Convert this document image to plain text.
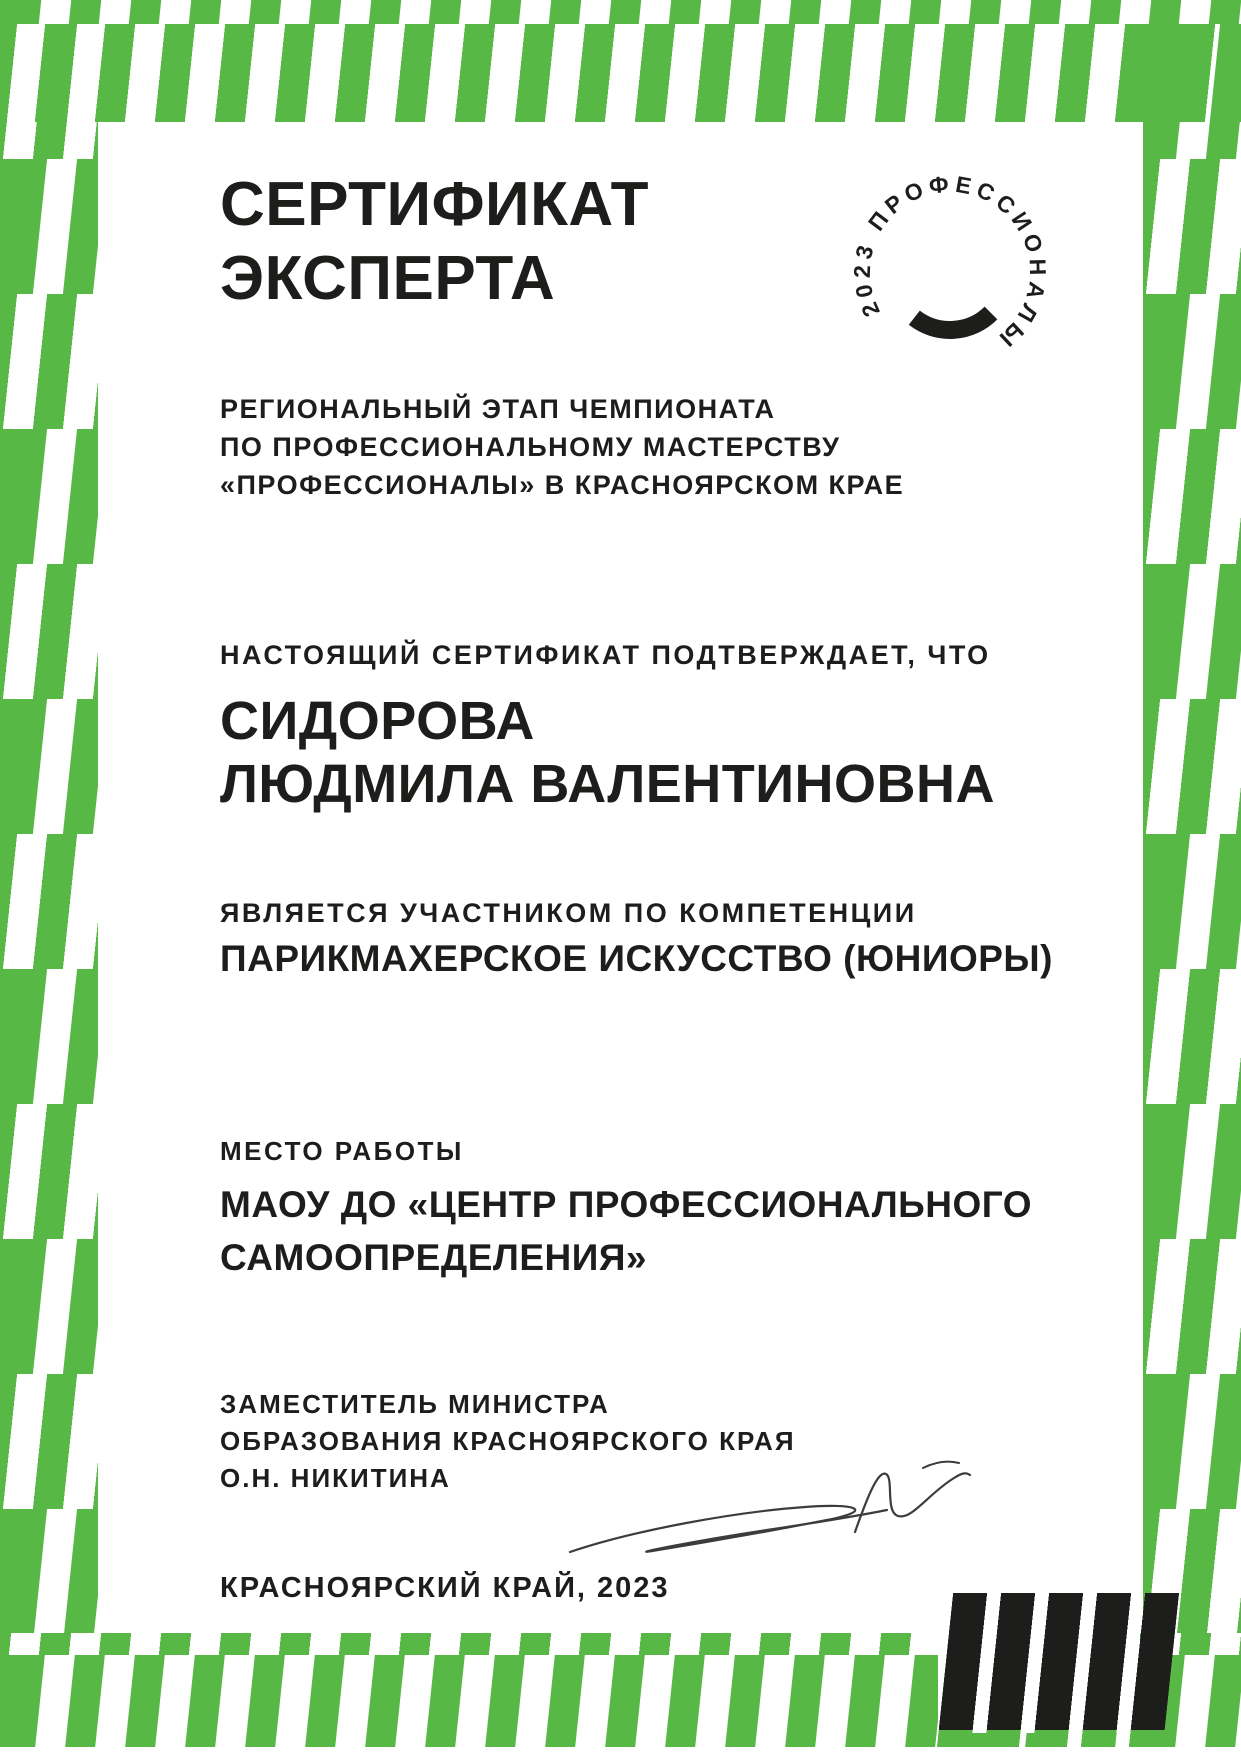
2023 ПРОФЕССИОНАЛЫ
СЕРТИФИКАТ
ЭКСПЕРТА
РЕГИОНАЛЬНЫЙ ЭТАП ЧЕМПИОНАТА
ПО ПРОФЕССИОНАЛЬНОМУ МАСТЕРСТВУ
«ПРОФЕССИОНАЛЫ» В КРАСНОЯРСКОМ КРАЕ
НАСТОЯЩИЙ СЕРТИФИКАТ ПОДТВЕРЖДАЕТ, ЧТО
СИДОРОВА
ЛЮДМИЛА ВАЛЕНТИНОВНА
ЯВЛЯЕТСЯ УЧАСТНИКОМ ПО КОМПЕТЕНЦИИ
ПАРИКМАХЕРСКОЕ ИСКУССТВО (ЮНИОРЫ)
МЕСТО РАБОТЫ
МАОУ ДО «ЦЕНТР ПРОФЕССИОНАЛЬНОГО
САМООПРЕДЕЛЕНИЯ»
ЗАМЕСТИТЕЛЬ МИНИСТРА
ОБРАЗОВАНИЯ КРАСНОЯРСКОГО КРАЯ
О.Н. НИКИТИНА
КРАСНОЯРСКИЙ КРАЙ, 2023
